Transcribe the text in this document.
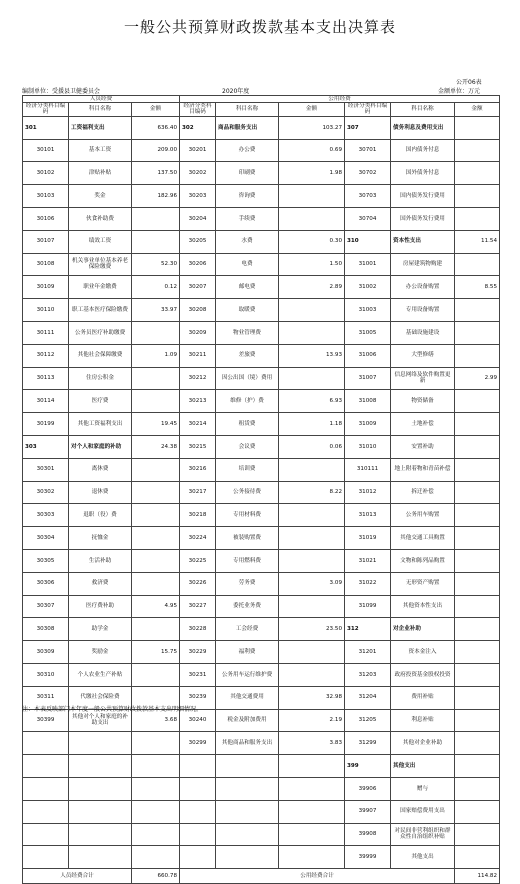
一般公共预算财政拨款基本支出决算表
公开06表
编制单位：受援县卫健委员会	2020年度	金额单位：万元
人员经费			公用经费					
经济分类科目编码	科目名称	金额	经济分类科目编码	科目名称	金额	经济分类科目编码	科目名称	金额
301	工资福利支出	636.40	302	商品和服务支出	103.27	307	债务利息及费用支出	
30101	基本工资	209.00	30201	办公费	0.69	30701	国内债务付息	
30102	津贴补贴	137.50	30202	印刷费	1.98	30702	国外债务付息	
30103	奖金	182.96	30203	咨询费		30703	国内债务发行费用	
30106	伙食补助费		30204	手续费		30704	国外债务发行费用	
30107	绩效工资		30205	水费	0.30	310	资本性支出	11.54
30108	机关事业单位基本养老保险缴费	52.30	30206	电费	1.50	31001	房屋建筑物购建	
30109	职业年金缴费	0.12	30207	邮电费	2.89	31002	办公设备购置	8.55
30110	职工基本医疗保险缴费	33.97	30208	取暖费		31003	专用设备购置	
30111	公务员医疗补助缴费		30209	物业管理费		31005	基础设施建设	
30112	其他社会保障缴费	1.09	30211	差旅费	13.93	31006	大型修缮	
30113	住房公积金		30212	因公出国（境）费用		31007	信息网络及软件购置更新	2.99
30114	医疗费		30213	维修（护）费	6.93	31008	物资储备	
30199	其他工资福利支出	19.45	30214	租赁费	1.18	31009	土地补偿	
303	对个人和家庭的补助	24.38	30215	会议费	0.06	31010	安置补助	
30301	离休费		30216	培训费		310111	地上附着物和青苗补偿	
30302	退休费		30217	公务接待费	8.22	31012	拆迁补偿	
30303	退职（役）费		30218	专用材料费		31013	公务用车购置	
30304	抚恤金		30224	被装购置费		31019	其他交通工具购置	
30305	生活补助		30225	专用燃料费		31021	文物和陈列品购置	
30306	救济费		30226	劳务费	3.09	31022	无形资产购置	
30307	医疗费补助	4.95	30227	委托业务费		31099	其他资本性支出	
30308	助学金		30228	工会经费	23.50	312	对企业补助	
30309	奖励金	15.75	30229	福利费		31201	资本金注入	
30310	个人农业生产补贴		30231	公务用车运行维护费		31203	政府投资基金股权投资	
30311	代缴社会保险费		30239	其他交通费用	32.98	31204	费用补贴	
30399	其他对个人和家庭的补助支出	3.68	30240	税金及附加费用	2.19	31205	利息补贴	
			30299	其他商品和服务支出	3.83	31299	其他对企业补助	
						399	其他支出	
						39906	赠与	
						39907	国家赔偿费用支出	
						39908	对民间非营利组织和群众性自治组织补贴	
						39999	其他支出	
人员经费合计		660.78	公用经费合计					114.82
注：本表反映部门本年度一般公共预算财政拨款基本支出明细情况。
